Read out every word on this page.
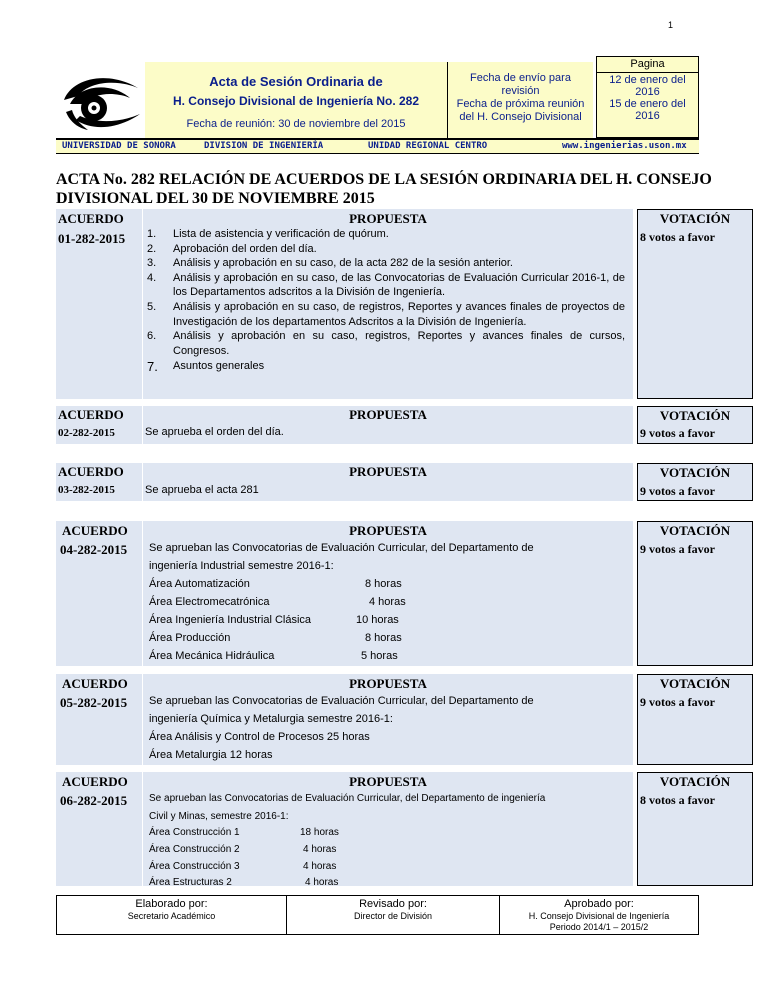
1
Acta de Sesión Ordinaria de
H. Consejo Divisional de Ingeniería No. 282
Fecha de reunión: 30 de noviembre del 2015
Fecha de envío para
revisión
Fecha de próxima reunión
del H. Consejo Divisional
Pagina
12 de enero del
2016
15 de enero del
2016
UNIVERSIDAD DE SONORA	DIVISION DE INGENIERÍA	UNIDAD REGIONAL CENTRO	www.ingenierias.uson.mx
ACTA No. 282 RELACIÓN DE ACUERDOS DE LA SESIÓN ORDINARIA DEL H. CONSEJO
DIVISIONAL DEL 30 DE NOVIEMBRE 2015
ACUERDO
01-282-2015
PROPUESTA
1. Lista de asistencia y verificación de quórum.
2. Aprobación del orden del día.
3. Análisis y aprobación en su caso, de la acta 282 de la sesión anterior.
4. Análisis y aprobación en su caso, de las Convocatorias de Evaluación Curricular 2016-1, de los Departamentos adscritos a la División de Ingeniería.
5. Análisis y aprobación en su caso, de registros, Reportes y avances finales de proyectos de Investigación de los departamentos Adscritos a la División de Ingeniería.
6. Análisis y aprobación en su caso, registros, Reportes y avances finales de cursos, Congresos.
7. Asuntos generales
VOTACIÓN
8 votos a favor
ACUERDO
02-282-2015
PROPUESTA
Se aprueba el orden del día.
VOTACIÓN
9 votos a favor
ACUERDO
03-282-2015
PROPUESTA
Se aprueba el acta 281
VOTACIÓN
9 votos a favor
ACUERDO
04-282-2015
PROPUESTA
Se aprueban las Convocatorias de Evaluación Curricular, del Departamento de
ingeniería Industrial semestre 2016-1:
Área Automatización	8 horas
Área Electromecatrónica	4 horas
Área Ingeniería Industrial Clásica	10 horas
Área Producción	8 horas
Área Mecánica Hidráulica	5 horas
VOTACIÓN
9 votos a favor
ACUERDO
05-282-2015
PROPUESTA
Se aprueban las Convocatorias de Evaluación Curricular, del Departamento de
ingeniería Química y Metalurgia semestre 2016-1:
Área Análisis y Control de Procesos 25 horas
Área Metalurgia 12 horas
VOTACIÓN
9 votos a favor
ACUERDO
06-282-2015
PROPUESTA
Se aprueban las Convocatorias de Evaluación Curricular, del Departamento de ingeniería
Civil y Minas, semestre 2016-1:
Área Construcción 1	18 horas
Área Construcción 2	4 horas
Área Construcción 3	4 horas
Área Estructuras 2	4 horas
VOTACIÓN
8 votos a favor
Elaborado por:
Secretario Académico
Revisado por:
Director de División
Aprobado por:
H. Consejo Divisional de Ingeniería
Periodo 2014/1 – 2015/2
